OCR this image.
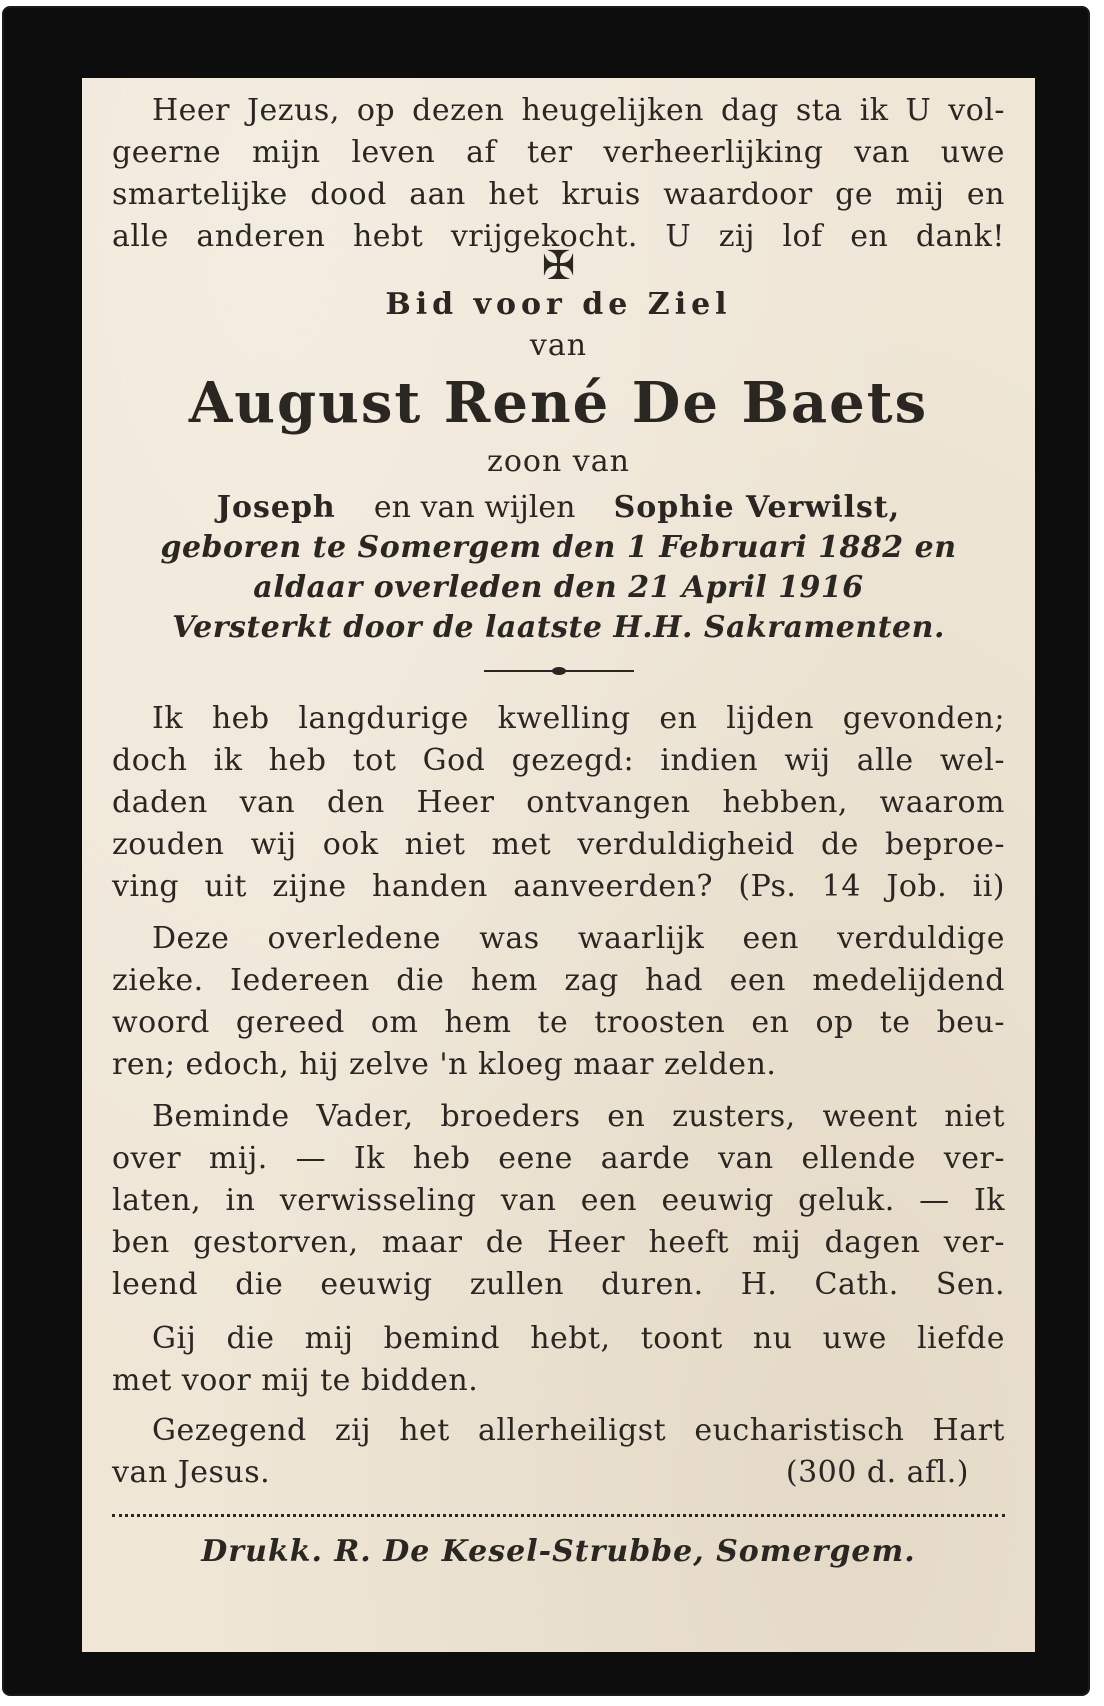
Heer Jezus, op dezen heugelijken dag sta ik U vol-
geerne mijn leven af ter verheerlijking van uwe
smartelijke dood aan het kruis waardoor ge mij en
alle anderen hebt vrijgekocht. U zij lof en dank!
✠
Bid voor de Ziel
van
August René De Baets
zoon van
Joseph en van wijlen Sophie Verwilst,
geboren te Somergem den 1 Februari 1882 en
aldaar overleden den 21 April 1916
Versterkt door de laatste H.H. Sakramenten.
Ik heb langdurige kwelling en lijden gevonden;
doch ik heb tot God gezegd: indien wij alle wel-
daden van den Heer ontvangen hebben, waarom
zouden wij ook niet met verduldigheid de beproe-
ving uit zijne handen aanveerden? (Ps. 14 Job. ii)
Deze overledene was waarlijk een verduldige
zieke. Iedereen die hem zag had een medelijdend
woord gereed om hem te troosten en op te beu-
ren; edoch, hij zelve 'n kloeg maar zelden.
Beminde Vader, broeders en zusters, weent niet
over mij. — Ik heb eene aarde van ellende ver-
laten, in verwisseling van een eeuwig geluk. — Ik
ben gestorven, maar de Heer heeft mij dagen ver-
leend die eeuwig zullen duren. H. Cath. Sen.
Gij die mij bemind hebt, toont nu uwe liefde
met voor mij te bidden.
Gezegend zij het allerheiligst eucharistisch Hart
van Jesus.	(300 d. afl.)
Drukk. R. De Kesel-Strubbe, Somergem.
